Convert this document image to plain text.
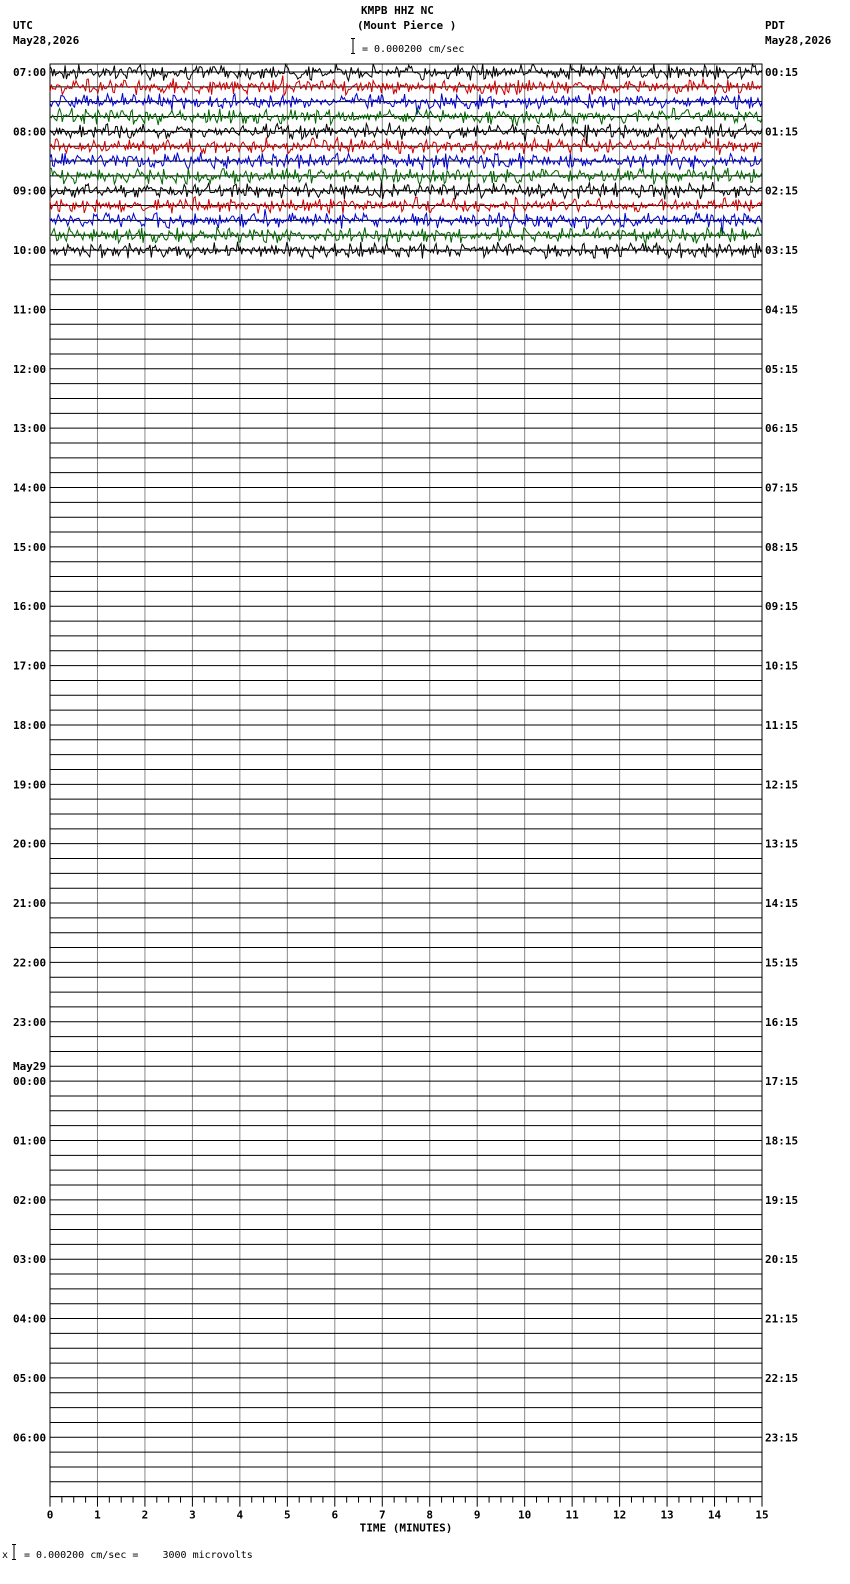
KMPB HHZ NC
(Mount Pierce )
= 0.000200 cm/sec
UTC
May28,2026
PDT
May28,2026
07:00
08:00
09:00
10:00
11:00
12:00
13:00
14:00
15:00
16:00
17:00
18:00
19:00
20:00
21:00
22:00
23:00
00:00
01:00
02:00
03:00
04:00
05:00
06:00
May29
00:15
01:15
02:15
03:15
04:15
05:15
06:15
07:15
08:15
09:15
10:15
11:15
12:15
13:15
14:15
15:15
16:15
17:15
18:15
19:15
20:15
21:15
22:15
23:15
0	1	2	3	4	5	6	7	8	9	10	11	12	13	14	15
TIME (MINUTES)
x = 0.000200 cm/sec =    3000 microvolts
